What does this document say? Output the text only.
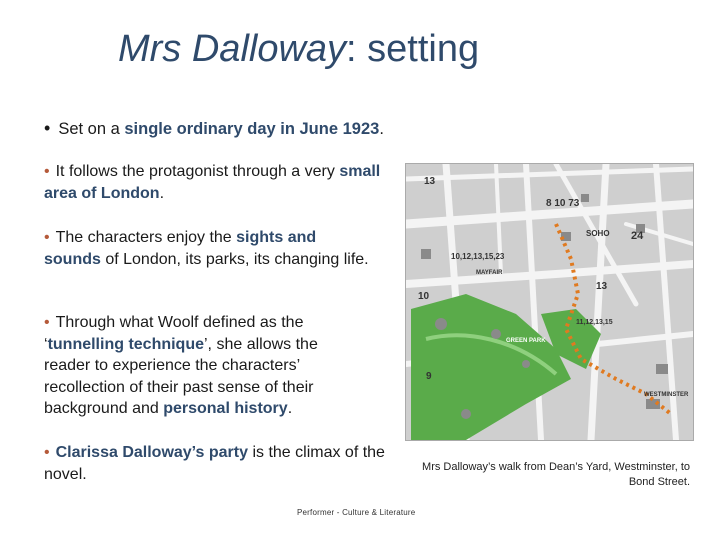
Mrs Dalloway: setting
• Set on a single ordinary day in June 1923.
• It follows the protagonist through a very small area of London.
• The characters enjoy the sights and sounds of London, its parks, its changing life.
• Through what Woolf defined as the ‘tunnelling technique’, she allows the reader to experience the characters’ recollection of their past sense of their background and personal history.
• Clarissa Dalloway’s party is the climax of the novel.
13
8 10 73
SOHO 24
10,12,13,15,23
MAYFAIR
10
9
13
11,12,13,15
GREEN PARK
WESTMINSTER
Mrs Dalloway’s walk from Dean’s Yard, Westminster, to Bond Street.
Performer - Culture & Literature
